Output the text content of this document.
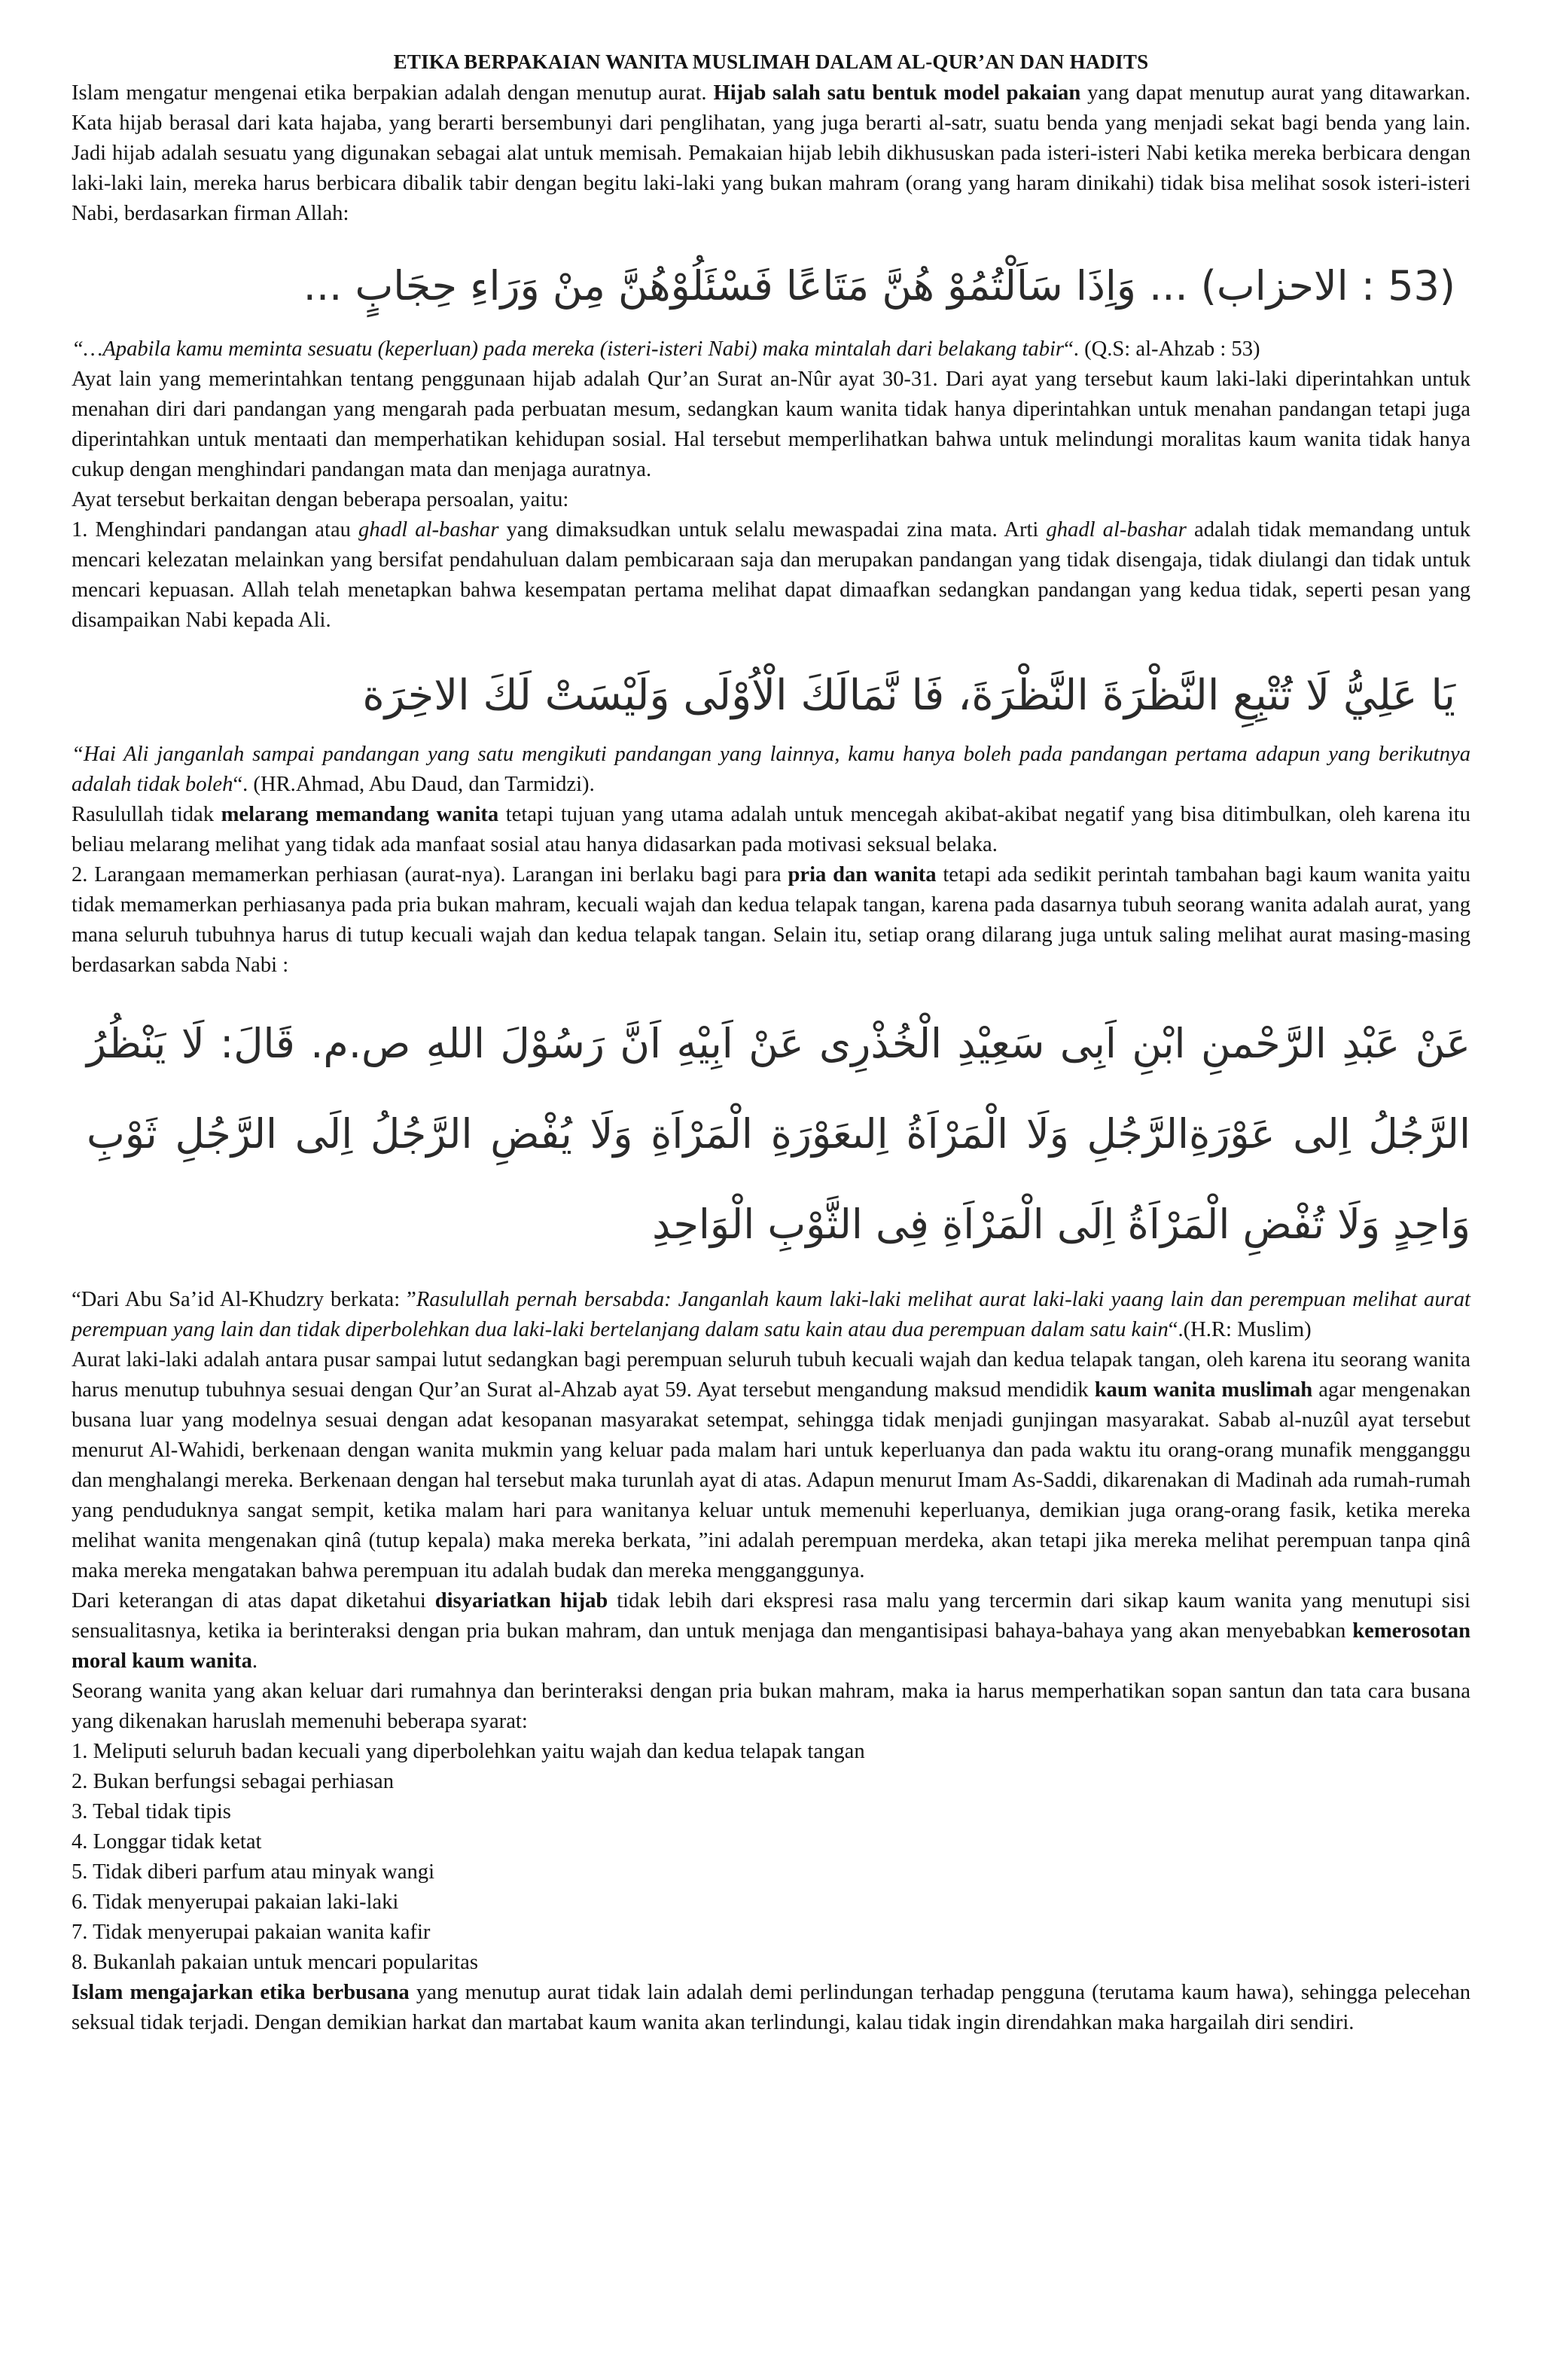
ETIKA BERPAKAIAN WANITA MUSLIMAH DALAM AL-QUR’AN DAN HADITS

Islam mengatur mengenai etika berpakian adalah dengan menutup aurat. Hijab salah satu bentuk model pakaian yang dapat menutup aurat yang ditawarkan. Kata hijab berasal dari kata hajaba, yang berarti bersembunyi dari penglihatan, yang juga berarti al-satr, suatu benda yang menjadi sekat bagi benda yang lain. Jadi hijab adalah sesuatu yang digunakan sebagai alat untuk memisah. Pemakaian hijab lebih dikhususkan pada isteri-isteri Nabi ketika mereka berbicara dengan laki-laki lain, mereka harus berbicara dibalik tabir dengan begitu laki-laki yang bukan mahram (orang yang haram dinikahi) tidak bisa melihat sosok isteri-isteri Nabi, berdasarkan firman Allah:

(53 : الاحزاب) ... وَاِذَا سَاَلْتُمُوْ هُنَّ مَتَاعًا فَسْئَلُوْهُنَّ مِنْ وَرَاءِ حِجَابٍ ...

“…Apabila kamu meminta sesuatu (keperluan) pada mereka (isteri-isteri Nabi) maka mintalah dari belakang tabir“. (Q.S: al-Ahzab : 53)

Ayat lain yang memerintahkan tentang penggunaan hijab adalah Qur’an Surat an-Nûr ayat 30-31. Dari ayat yang tersebut kaum laki-laki diperintahkan untuk menahan diri dari pandangan yang mengarah pada perbuatan mesum, sedangkan kaum wanita tidak hanya diperintahkan untuk menahan pandangan tetapi juga diperintahkan untuk mentaati dan memperhatikan kehidupan sosial. Hal tersebut memperlihatkan bahwa untuk melindungi moralitas kaum wanita tidak hanya cukup dengan menghindari pandangan mata dan menjaga auratnya.

Ayat tersebut berkaitan dengan beberapa persoalan, yaitu:

1. Menghindari pandangan atau ghadl al-bashar yang dimaksudkan untuk selalu mewaspadai zina mata. Arti ghadl al-bashar adalah tidak memandang untuk mencari kelezatan melainkan yang bersifat pendahuluan dalam pembicaraan saja dan merupakan pandangan yang tidak disengaja, tidak diulangi dan tidak untuk mencari kepuasan. Allah telah menetapkan bahwa kesempatan pertama melihat dapat dimaafkan sedangkan pandangan yang kedua tidak, seperti pesan yang disampaikan Nabi kepada Ali.

يَا عَلِيُّ لَا تُتْبِعِ النَّظْرَةَ النَّظْرَةَ، فَا نَّمَالَكَ الْاُوْلَى وَلَيْسَتْ لَكَ الاخِرَة

“Hai Ali janganlah sampai pandangan yang satu mengikuti pandangan yang lainnya, kamu hanya boleh pada pandangan pertama adapun yang berikutnya adalah tidak boleh“. (HR.Ahmad, Abu Daud, dan Tarmidzi).

Rasulullah tidak melarang memandang wanita tetapi tujuan yang utama adalah untuk mencegah akibat-akibat negatif yang bisa ditimbulkan, oleh karena itu beliau melarang melihat yang tidak ada manfaat sosial atau hanya didasarkan pada motivasi seksual belaka.

2. Larangaan memamerkan perhiasan (aurat-nya). Larangan ini berlaku bagi para pria dan wanita tetapi ada sedikit perintah tambahan bagi kaum wanita yaitu tidak memamerkan perhiasanya pada pria bukan mahram, kecuali wajah dan kedua telapak tangan, karena pada dasarnya tubuh seorang wanita adalah aurat, yang mana seluruh tubuhnya harus di tutup kecuali wajah dan kedua telapak tangan. Selain itu, setiap orang dilarang juga untuk saling melihat aurat masing-masing berdasarkan sabda Nabi :

عَنْ عَبْدِ الرَّحْمنِ ابْنِ اَبِى سَعِيْدِ الْخُذْرِى عَنْ اَبِيْهِ اَنَّ رَسُوْلَ اللهِ ص.م. قَالَ: لَا يَنْظُرُ الرَّجُلُ اِلى عَوْرَةِالرَّجُلِ وَلَا الْمَرْاَةُ اِلىعَوْرَةِ الْمَرْاَةِ وَلَا يُفْضِ الرَّجُلُ اِلَى الرَّجُلِ ثَوْبِ وَاحِدٍ وَلَا تُفْضِ الْمَرْاَةُ اِلَى الْمَرْاَةِ فِى الثَّوْبِ الْوَاحِدِ

“Dari Abu Sa’id Al-Khudzry berkata: ”Rasulullah pernah bersabda: Janganlah kaum laki-laki melihat aurat laki-laki yaang lain dan perempuan melihat aurat perempuan yang lain dan tidak diperbolehkan dua laki-laki bertelanjang dalam satu kain atau dua perempuan dalam satu kain“.(H.R: Muslim)

Aurat laki-laki adalah antara pusar sampai lutut sedangkan bagi perempuan seluruh tubuh kecuali wajah dan kedua telapak tangan, oleh karena itu seorang wanita harus menutup tubuhnya sesuai dengan Qur’an Surat al-Ahzab ayat 59. Ayat tersebut mengandung maksud mendidik kaum wanita muslimah agar mengenakan busana luar yang modelnya sesuai dengan adat kesopanan masyarakat setempat, sehingga tidak menjadi gunjingan masyarakat. Sabab al-nuzûl ayat tersebut menurut Al-Wahidi, berkenaan dengan wanita mukmin yang keluar pada malam hari untuk keperluanya dan pada waktu itu orang-orang munafik mengganggu dan menghalangi mereka. Berkenaan dengan hal tersebut maka turunlah ayat di atas. Adapun menurut Imam As-Saddi, dikarenakan di Madinah ada rumah-rumah yang penduduknya sangat sempit, ketika malam hari para wanitanya keluar untuk memenuhi keperluanya, demikian juga orang-orang fasik, ketika mereka melihat wanita mengenakan qinâ (tutup kepala) maka mereka berkata, ”ini adalah perempuan merdeka, akan tetapi jika mereka melihat perempuan tanpa qinâ maka mereka mengatakan bahwa perempuan itu adalah budak dan mereka mengganggunya.

Dari keterangan di atas dapat diketahui disyariatkan hijab tidak lebih dari ekspresi rasa malu yang tercermin dari sikap kaum wanita yang menutupi sisi sensualitasnya, ketika ia berinteraksi dengan pria bukan mahram, dan untuk menjaga dan mengantisipasi bahaya-bahaya yang akan menyebabkan kemerosotan moral kaum wanita.

Seorang wanita yang akan keluar dari rumahnya dan berinteraksi dengan pria bukan mahram, maka ia harus memperhatikan sopan santun dan tata cara busana yang dikenakan haruslah memenuhi beberapa syarat:

1. Meliputi seluruh badan kecuali yang diperbolehkan yaitu wajah dan kedua telapak tangan

2. Bukan berfungsi sebagai perhiasan

3. Tebal tidak tipis

4. Longgar tidak ketat

5. Tidak diberi parfum atau minyak wangi

6. Tidak menyerupai pakaian laki-laki

7. Tidak menyerupai pakaian wanita kafir

8. Bukanlah pakaian untuk mencari popularitas

Islam mengajarkan etika berbusana yang menutup aurat tidak lain adalah demi perlindungan terhadap pengguna (terutama kaum hawa), sehingga pelecehan seksual tidak terjadi. Dengan demikian harkat dan martabat kaum wanita akan terlindungi, kalau tidak ingin direndahkan maka hargailah diri sendiri.
